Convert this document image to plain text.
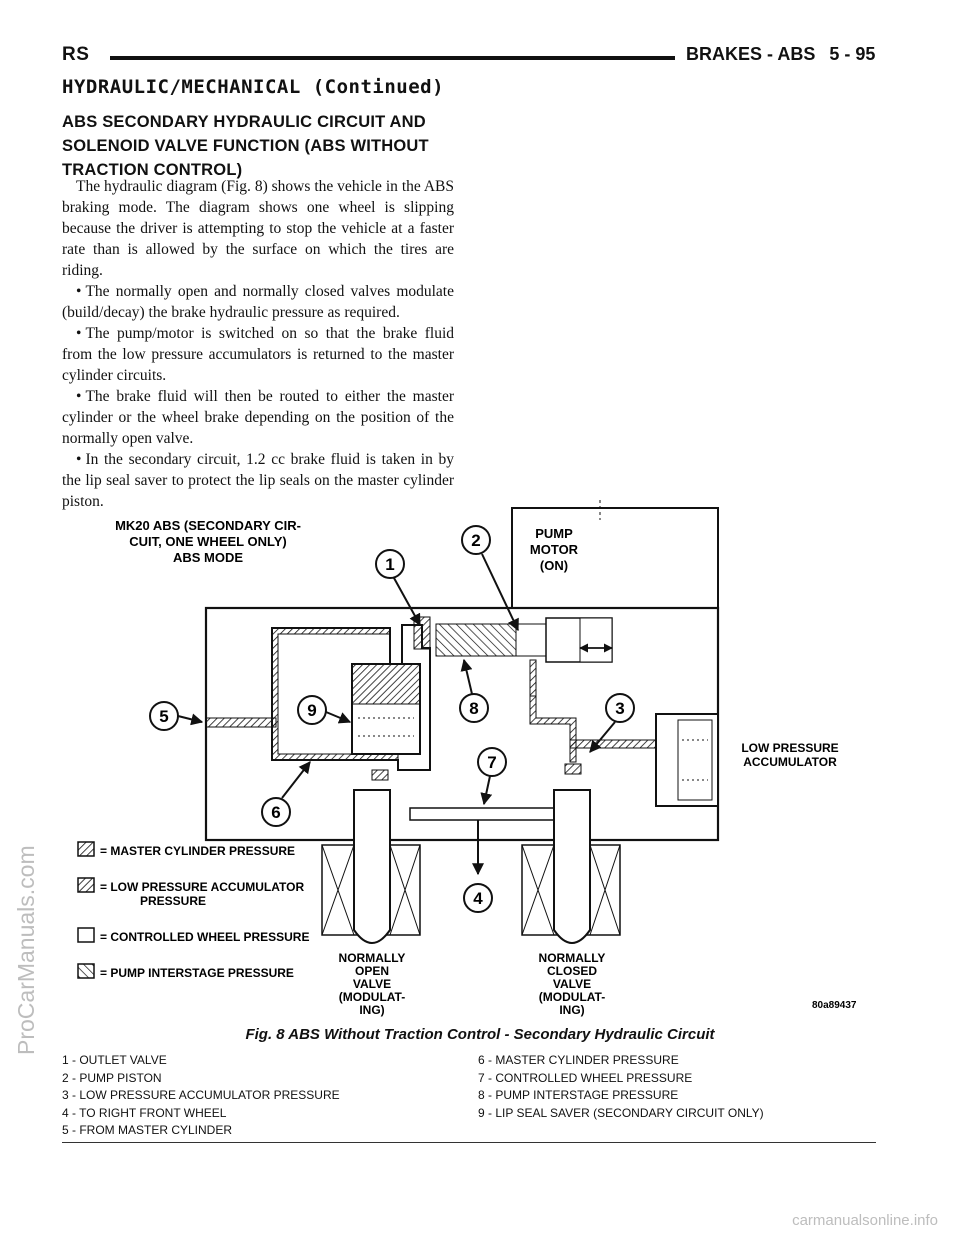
RS	BRAKES - ABS 5 - 95
HYDRAULIC/MECHANICAL (Continued)
ABS SECONDARY HYDRAULIC CIRCUIT AND SOLENOID VALVE FUNCTION (ABS WITHOUT TRACTION CONTROL)

The hydraulic diagram (Fig. 8) shows the vehicle in the ABS braking mode. The diagram shows one wheel is slipping because the driver is attempting to stop the vehicle at a faster rate than is allowed by the surface on which the tires are riding.

• The normally open and normally closed valves modulate (build/decay) the brake hydraulic pressure as required.

• The pump/motor is switched on so that the brake fluid from the low pressure accumulators is returned to the master cylinder circuits.

• The brake fluid will then be routed to either the master cylinder or the wheel brake depending on the position of the normally open valve.

• In the secondary circuit, 1.2 cc brake fluid is taken in by the lip seal saver to protect the lip seals on the master cylinder piston.

ProCarManuals.com
MK20 ABS (SECONDARY CIR-
CUIT, ONE WHEEL ONLY)
ABS MODE
PUMP
MOTOR
(ON)
LOW PRESSURE
ACCUMULATOR
NORMALLY
OPEN
VALVE
(MODULAT-
ING)
NORMALLY
CLOSED
VALVE
(MODULAT-
ING)
1
2
3
4
5
6
7
8
9
= MASTER CYLINDER PRESSURE
= LOW PRESSURE ACCUMULATOR
PRESSURE
= CONTROLLED WHEEL PRESSURE
= PUMP INTERSTAGE PRESSURE
80a89437
Fig. 8 ABS Without Traction Control - Secondary Hydraulic Circuit
1 - OUTLET VALVE
2 - PUMP PISTON
3 - LOW PRESSURE ACCUMULATOR PRESSURE
4 - TO RIGHT FRONT WHEEL
5 - FROM MASTER CYLINDER
6 - MASTER CYLINDER PRESSURE
7 - CONTROLLED WHEEL PRESSURE
8 - PUMP INTERSTAGE PRESSURE
9 - LIP SEAL SAVER (SECONDARY CIRCUIT ONLY)
carmanualsonline.info
